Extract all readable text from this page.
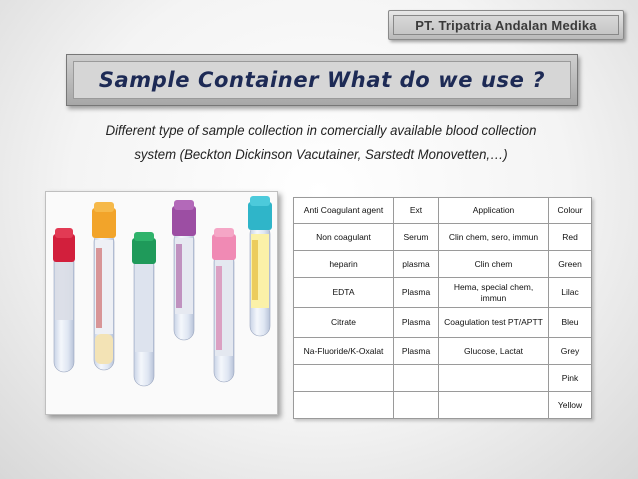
PT. Tripatria Andalan Medika
Sample Container What do we use ?
Different type of sample collection in comercially available blood collection
system (Beckton Dickinson Vacutainer, Sarstedt Monovetten,…)
Anti Coagulant agent	Ext	Application	Colour
Non coagulant	Serum	Clin chem, sero, immun	Red
heparin	plasma	Clin chem	Green
EDTA	Plasma	Hema, special chem, immun	Lilac
Citrate	Plasma	Coagulation test PT/APTT	Bleu
Na-Fluoride/K-Oxalat	Plasma	Glucose, Lactat	Grey
			Pink
			Yellow
